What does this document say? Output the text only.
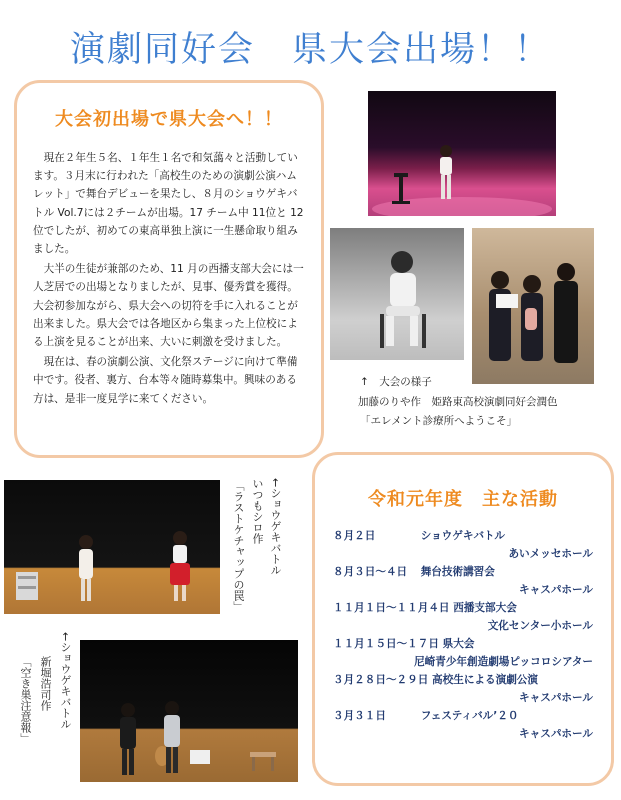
演劇同好会　県大会出場！！
大会初出場で県大会へ！！

現在２年生５名、１年生１名で和気藹々と活動しています。３月末に行われた「高校生のための演劇公演ハムレット」で舞台デビューを果たし、８月のショウゲキバトル Vol.7には２チームが出場。17 チーム中 11位と 12 位でしたが、初めての東高単独上演に一生懸命取り組みました。

大半の生徒が兼部のため、11 月の西播支部大会には一人芝居での出場となりましたが、見事、優秀賞を獲得。大会初参加ながら、県大会への切符を手に入れることが出来ました。県大会では各地区から集まった上位校による上演を見ることが出来、大いに刺激を受けました。

現在は、春の演劇公演、文化祭ステージに向けて準備中です。役者、裏方、台本等々随時募集中。興味のある方は、是非一度見学に来てください。

↑　大会の様子
加藤のりや作　姫路東高校演劇同好会潤色
「エレメント診療所へようこそ」
←ショウゲキバトル
いつもシロ作
「ラストケチャップの罠」
←ショウゲキバトル
新堀浩司作
「空き巣注意報」
令和元年度　主な活動
８月２日	ショウゲキバトル
あいメッセホール
８月３日～４日 舞台技術講習会
キャスパホール
１１月１日～１１月４日 西播支部大会
文化センター小ホール
１１月１５日～１７日 県大会
尼崎青少年創造劇場ピッコロシアター
３月２８日～２９日 高校生による演劇公演
キャスパホール
３月３１日	フェスティバル’２０
キャスパホール
